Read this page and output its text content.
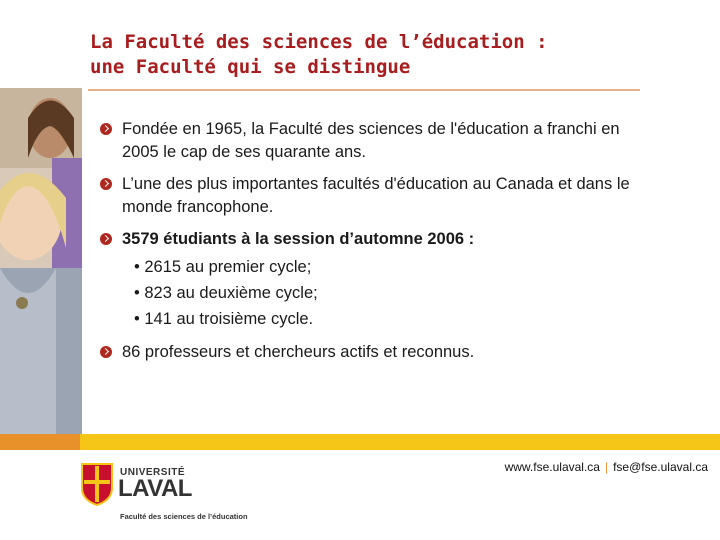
La Faculté des sciences de l’éducation :
une Faculté qui se distingue
Fondée en 1965, la Faculté des sciences de l'éducation a franchi en 2005 le cap de ses quarante ans.
L’une des plus importantes facultés d'éducation au Canada et dans le monde francophone.
3579 étudiants à la session d’automne 2006 :
• 2615 au premier cycle;
• 823 au deuxième cycle;
• 141 au troisième cycle.
86 professeurs et chercheurs actifs et reconnus.
UNIVERSITÉ
LAVAL
Faculté des sciences de l’éducation
www.fse.ulaval.ca | fse@fse.ulaval.ca
